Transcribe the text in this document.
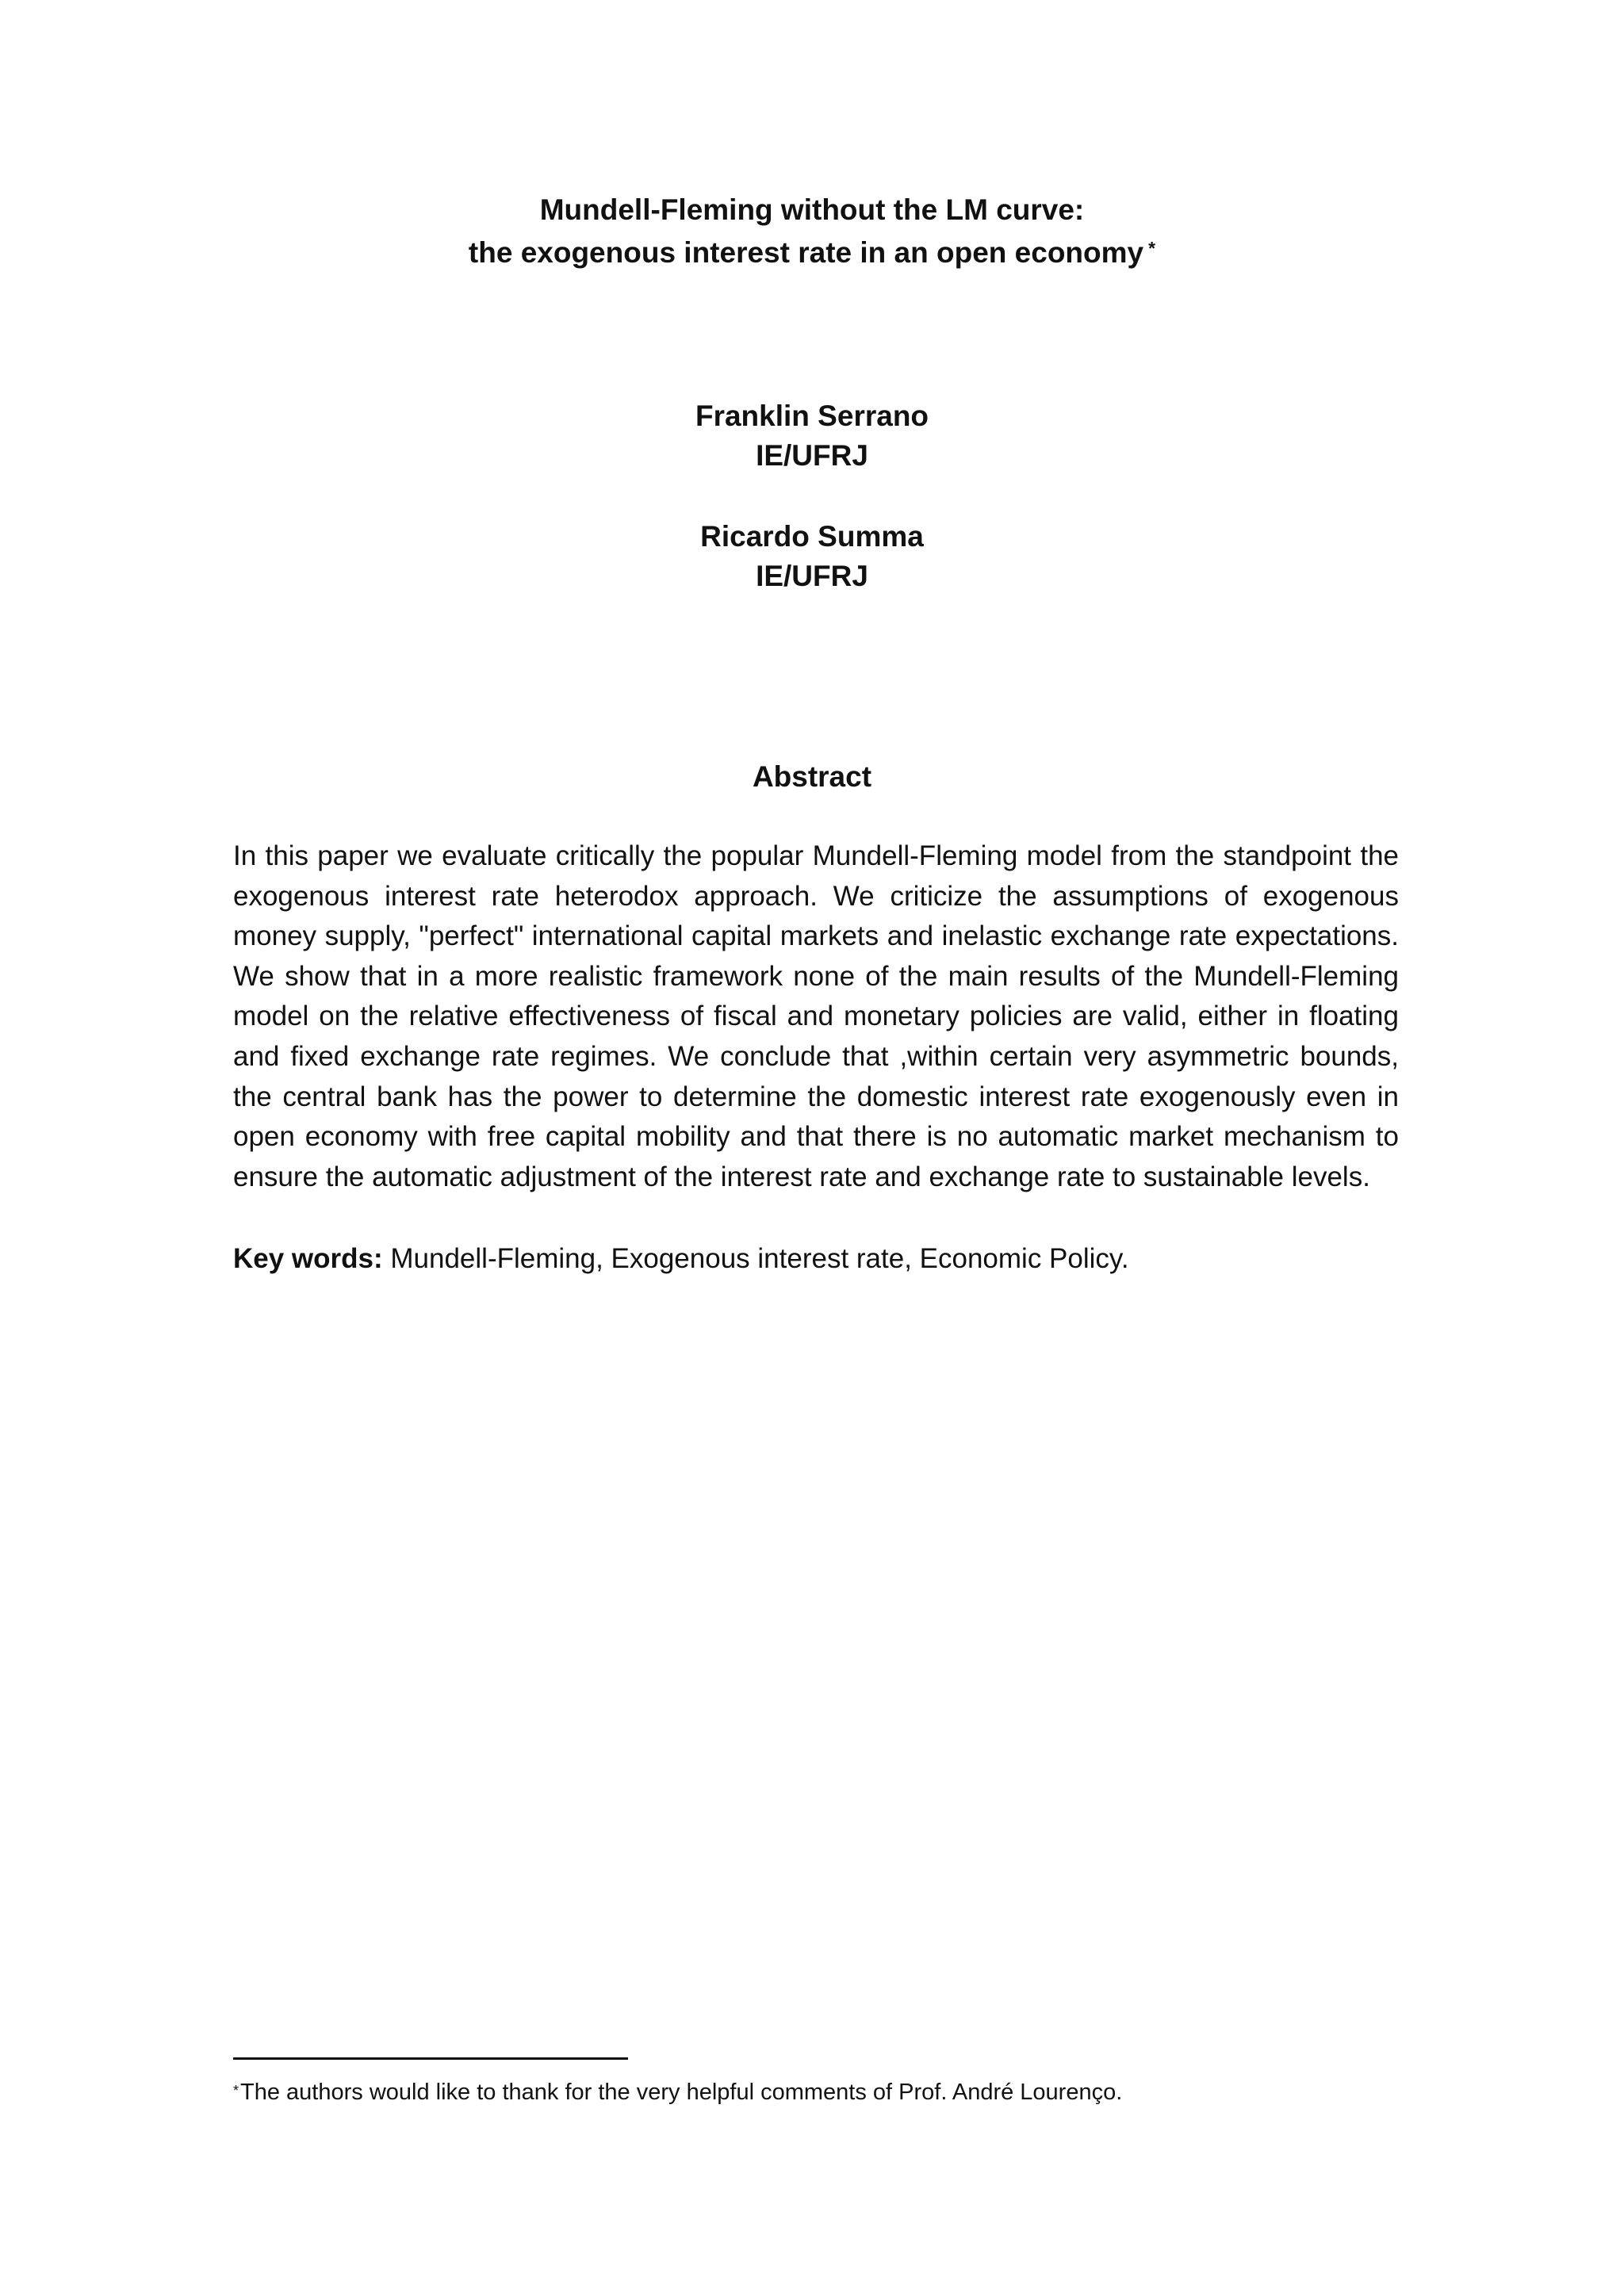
Mundell-Fleming without the LM curve:
the exogenous interest rate in an open economy *
Franklin Serrano
IE/UFRJ
Ricardo Summa
IE/UFRJ
Abstract
In this paper we evaluate critically the popular Mundell-Fleming model from the standpoint the exogenous interest rate heterodox approach. We criticize the assumptions of exogenous money supply, "perfect" international capital markets and inelastic exchange rate expectations. We show that in a more realistic framework none of the main results of the Mundell-Fleming model on the relative effectiveness of fiscal and monetary policies are valid, either in floating and fixed exchange rate regimes. We conclude that ,within certain very asymmetric bounds, the central bank has the power to determine the domestic interest rate exogenously even in open economy with free capital mobility and that there is no automatic market mechanism to ensure the automatic adjustment of the interest rate and exchange rate to sustainable levels.
Key words: Mundell-Fleming, Exogenous interest rate, Economic Policy.
*The authors would like to thank for the very helpful comments of Prof. André Lourenço.
